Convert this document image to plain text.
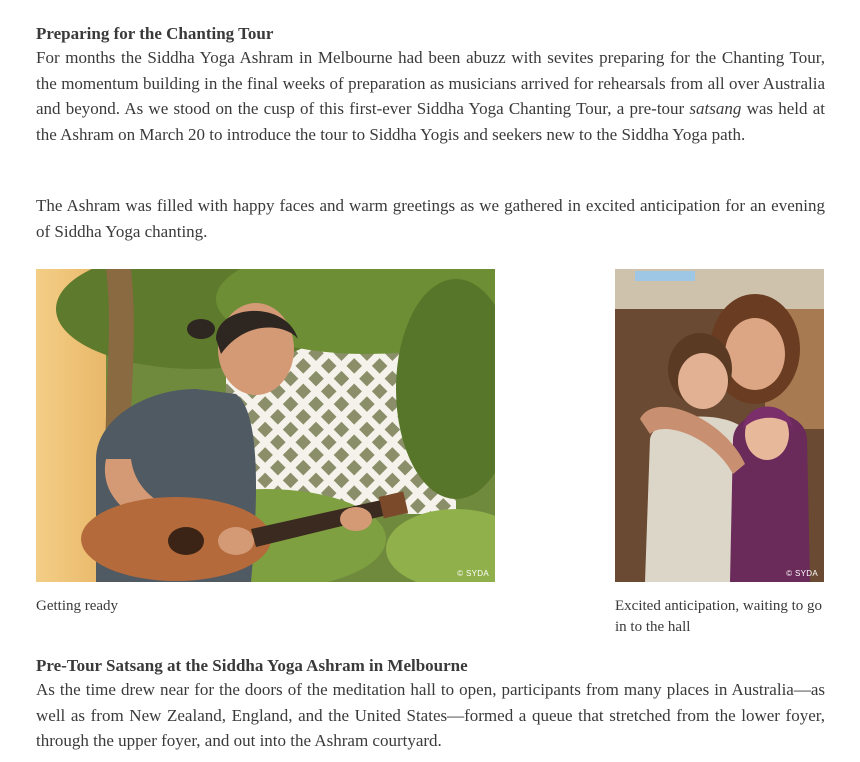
Preparing for the Chanting Tour

For months the Siddha Yoga Ashram in Melbourne had been abuzz with sevites preparing for the Chanting Tour, the momentum building in the final weeks of preparation as musicians arrived for rehearsals from all over Australia and beyond. As we stood on the cusp of this first-ever Siddha Yoga Chanting Tour, a pre-tour satsang was held at the Ashram on March 20 to introduce the tour to Siddha Yogis and seekers new to the Siddha Yoga path.

The Ashram was filled with happy faces and warm greetings as we gathered in excited anticipation for an evening of Siddha Yoga chanting.

© SYDA	© SYDA

Getting ready	Excited anticipation, waiting to go in to the hall

Pre-Tour Satsang at the Siddha Yoga Ashram in Melbourne

As the time drew near for the doors of the meditation hall to open, participants from many places in Australia—as well as from New Zealand, England, and the United States—formed a queue that stretched from the lower foyer, through the upper foyer, and out into the Ashram courtyard.
